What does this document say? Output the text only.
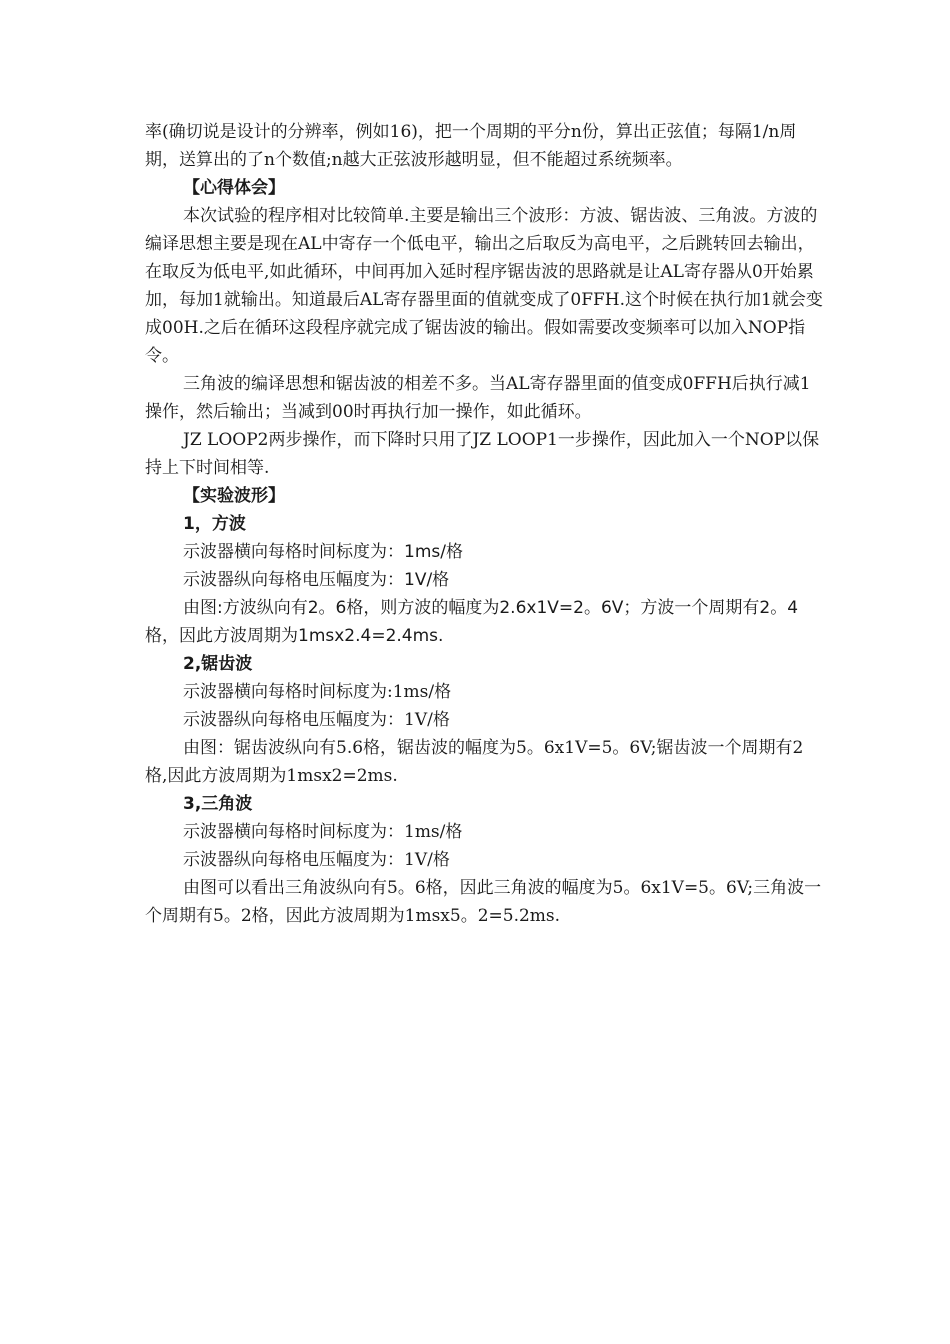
率(确切说是设计的分辨率，例如16)，把一个周期的平分n份，算出正弦值；每隔1/n周期，送算出的了n个数值;n越大正弦波形越明显，但不能超过系统频率。

【心得体会】

本次试验的程序相对比较简单.主要是输出三个波形：方波、锯齿波、三角波。方波的编译思想主要是现在AL中寄存一个低电平，输出之后取反为高电平，之后跳转回去输出，在取反为低电平,如此循环，中间再加入延时程序锯齿波的思路就是让AL寄存器从0开始累加，每加1就输出。知道最后AL寄存器里面的值就变成了0FFH.这个时候在执行加1就会变成00H.之后在循环这段程序就完成了锯齿波的输出。假如需要改变频率可以加入NOP指令。

三角波的编译思想和锯齿波的相差不多。当AL寄存器里面的值变成0FFH后执行减1操作，然后输出；当减到00时再执行加一操作，如此循环。

JZ LOOP2两步操作，而下降时只用了JZ LOOP1一步操作，因此加入一个NOP以保持上下时间相等.

【实验波形】

1，方波

示波器横向每格时间标度为：1ms/格

示波器纵向每格电压幅度为：1V/格

由图:方波纵向有2。6格，则方波的幅度为2.6x1V=2。6V；方波一个周期有2。4格，因此方波周期为1msx2.4=2.4ms.

2,锯齿波

示波器横向每格时间标度为:1ms/格

示波器纵向每格电压幅度为：1V/格

由图：锯齿波纵向有5.6格，锯齿波的幅度为5。6x1V=5。6V;锯齿波一个周期有2格,因此方波周期为1msx2=2ms.

3,三角波

示波器横向每格时间标度为：1ms/格

示波器纵向每格电压幅度为：1V/格

由图可以看出三角波纵向有5。6格，因此三角波的幅度为5。6x1V=5。6V;三角波一个周期有5。2格，因此方波周期为1msx5。2=5.2ms.
